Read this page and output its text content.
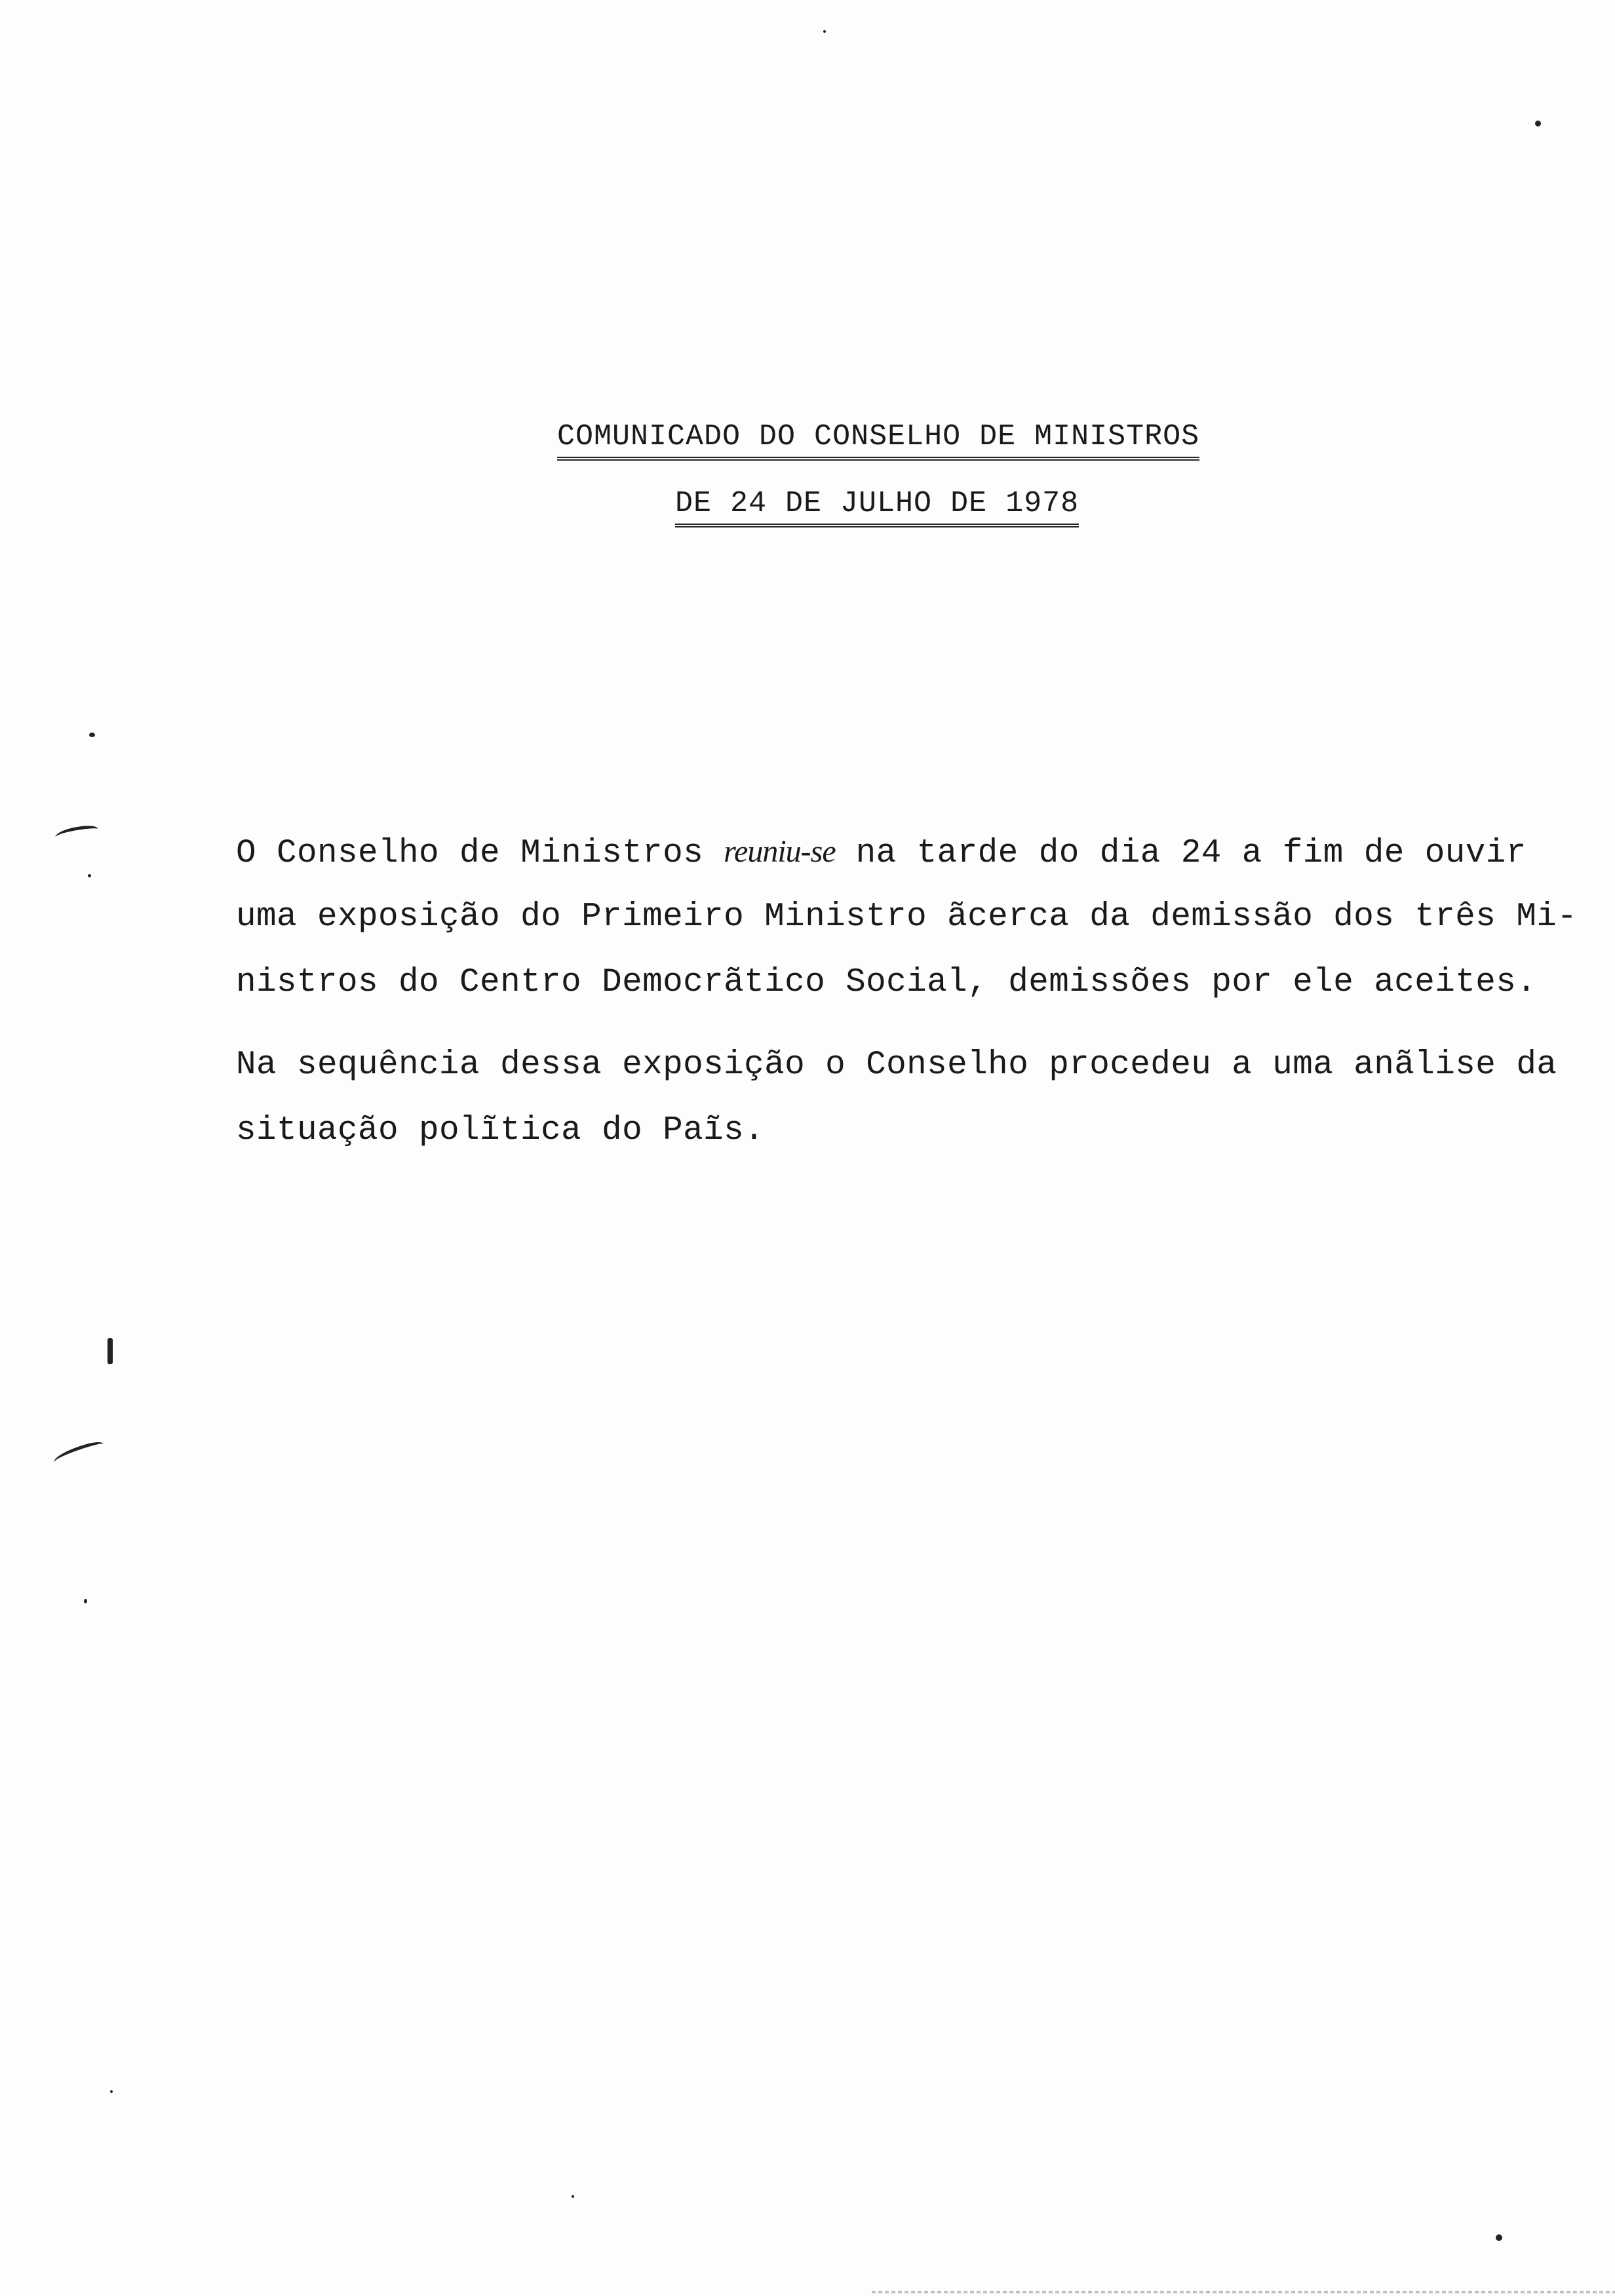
COMUNICADO DO CONSELHO DE MINISTROS
DE 24 DE JULHO DE 1978
O Conselho de Ministros reuniu-se na tarde do dia 24 a fim de ouvir
uma exposição do Primeiro Ministro ãcerca da demissão dos três Mi-
nistros do Centro Democrãtico Social, demissões por ele aceites.
Na sequência dessa exposição o Conselho procedeu a uma anãlise da
situação polĩtica do Paĩs.
